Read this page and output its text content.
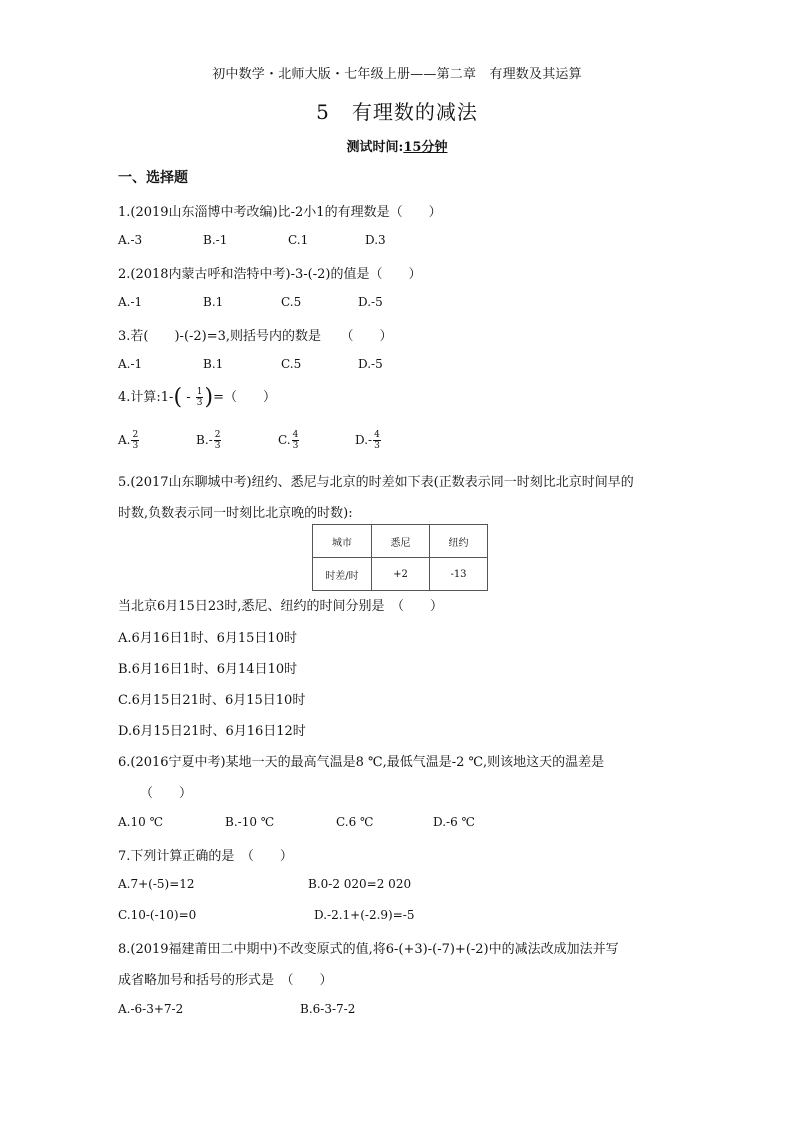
初中数学・北师大版・七年级上册——第二章　有理数及其运算
5 有理数的减法
测试时间:15分钟
一、选择题
1.(2019山东淄博中考改编)比-2小1的有理数是（　　）
A.-3	B.-1	C.1	D.3
2.(2018内蒙古呼和浩特中考)-3-(-2)的值是（　　）
A.-1	B.1	C.5	D.-5
3.若(　　)-(-2)=3,则括号内的数是　　（　　）
A.-1	B.1	C.5	D.-5
4.计算:1-( - $\frac{1}{3}$ )=（　　）
A. $\frac{2}{3}$	$B.- \frac{2}{3}$	C. $\frac{4}{3}$	$D.- \frac{4}{3}$
5.(2017山东聊城中考)纽约、悉尼与北京的时差如下表(正数表示同一时刻比北京时间早的
时数,负数表示同一时刻比北京晚的时数):
城市	悉尼	纽约
时差/时	+2	-13
当北京6月15日23时,悉尼、纽约的时间分别是　（　　）
A.6月16日1时、6月15日10时
B.6月16日1时、6月14日10时
C.6月15日21时、6月15日10时
D.6月15日21时、6月16日12时
6.(2016宁夏中考)某地一天的最高气温是8 ℃,最低气温是-2 ℃,则该地这天的温差是
（　　）
A.10 ℃	B.-10 ℃	C.6 ℃	D.-6 ℃
7.下列计算正确的是　（　　）
A.7+(-5)=12	B.0-2 020=2 020
C.10-(-10)=0	D.-2.1+(-2.9)=-5
8.(2019福建莆田二中期中)不改变原式的值,将6-(+3)-(-7)+(-2)中的减法改成加法并写
成省略加号和括号的形式是　（　　）
A.-6-3+7-2	B.6-3-7-2
